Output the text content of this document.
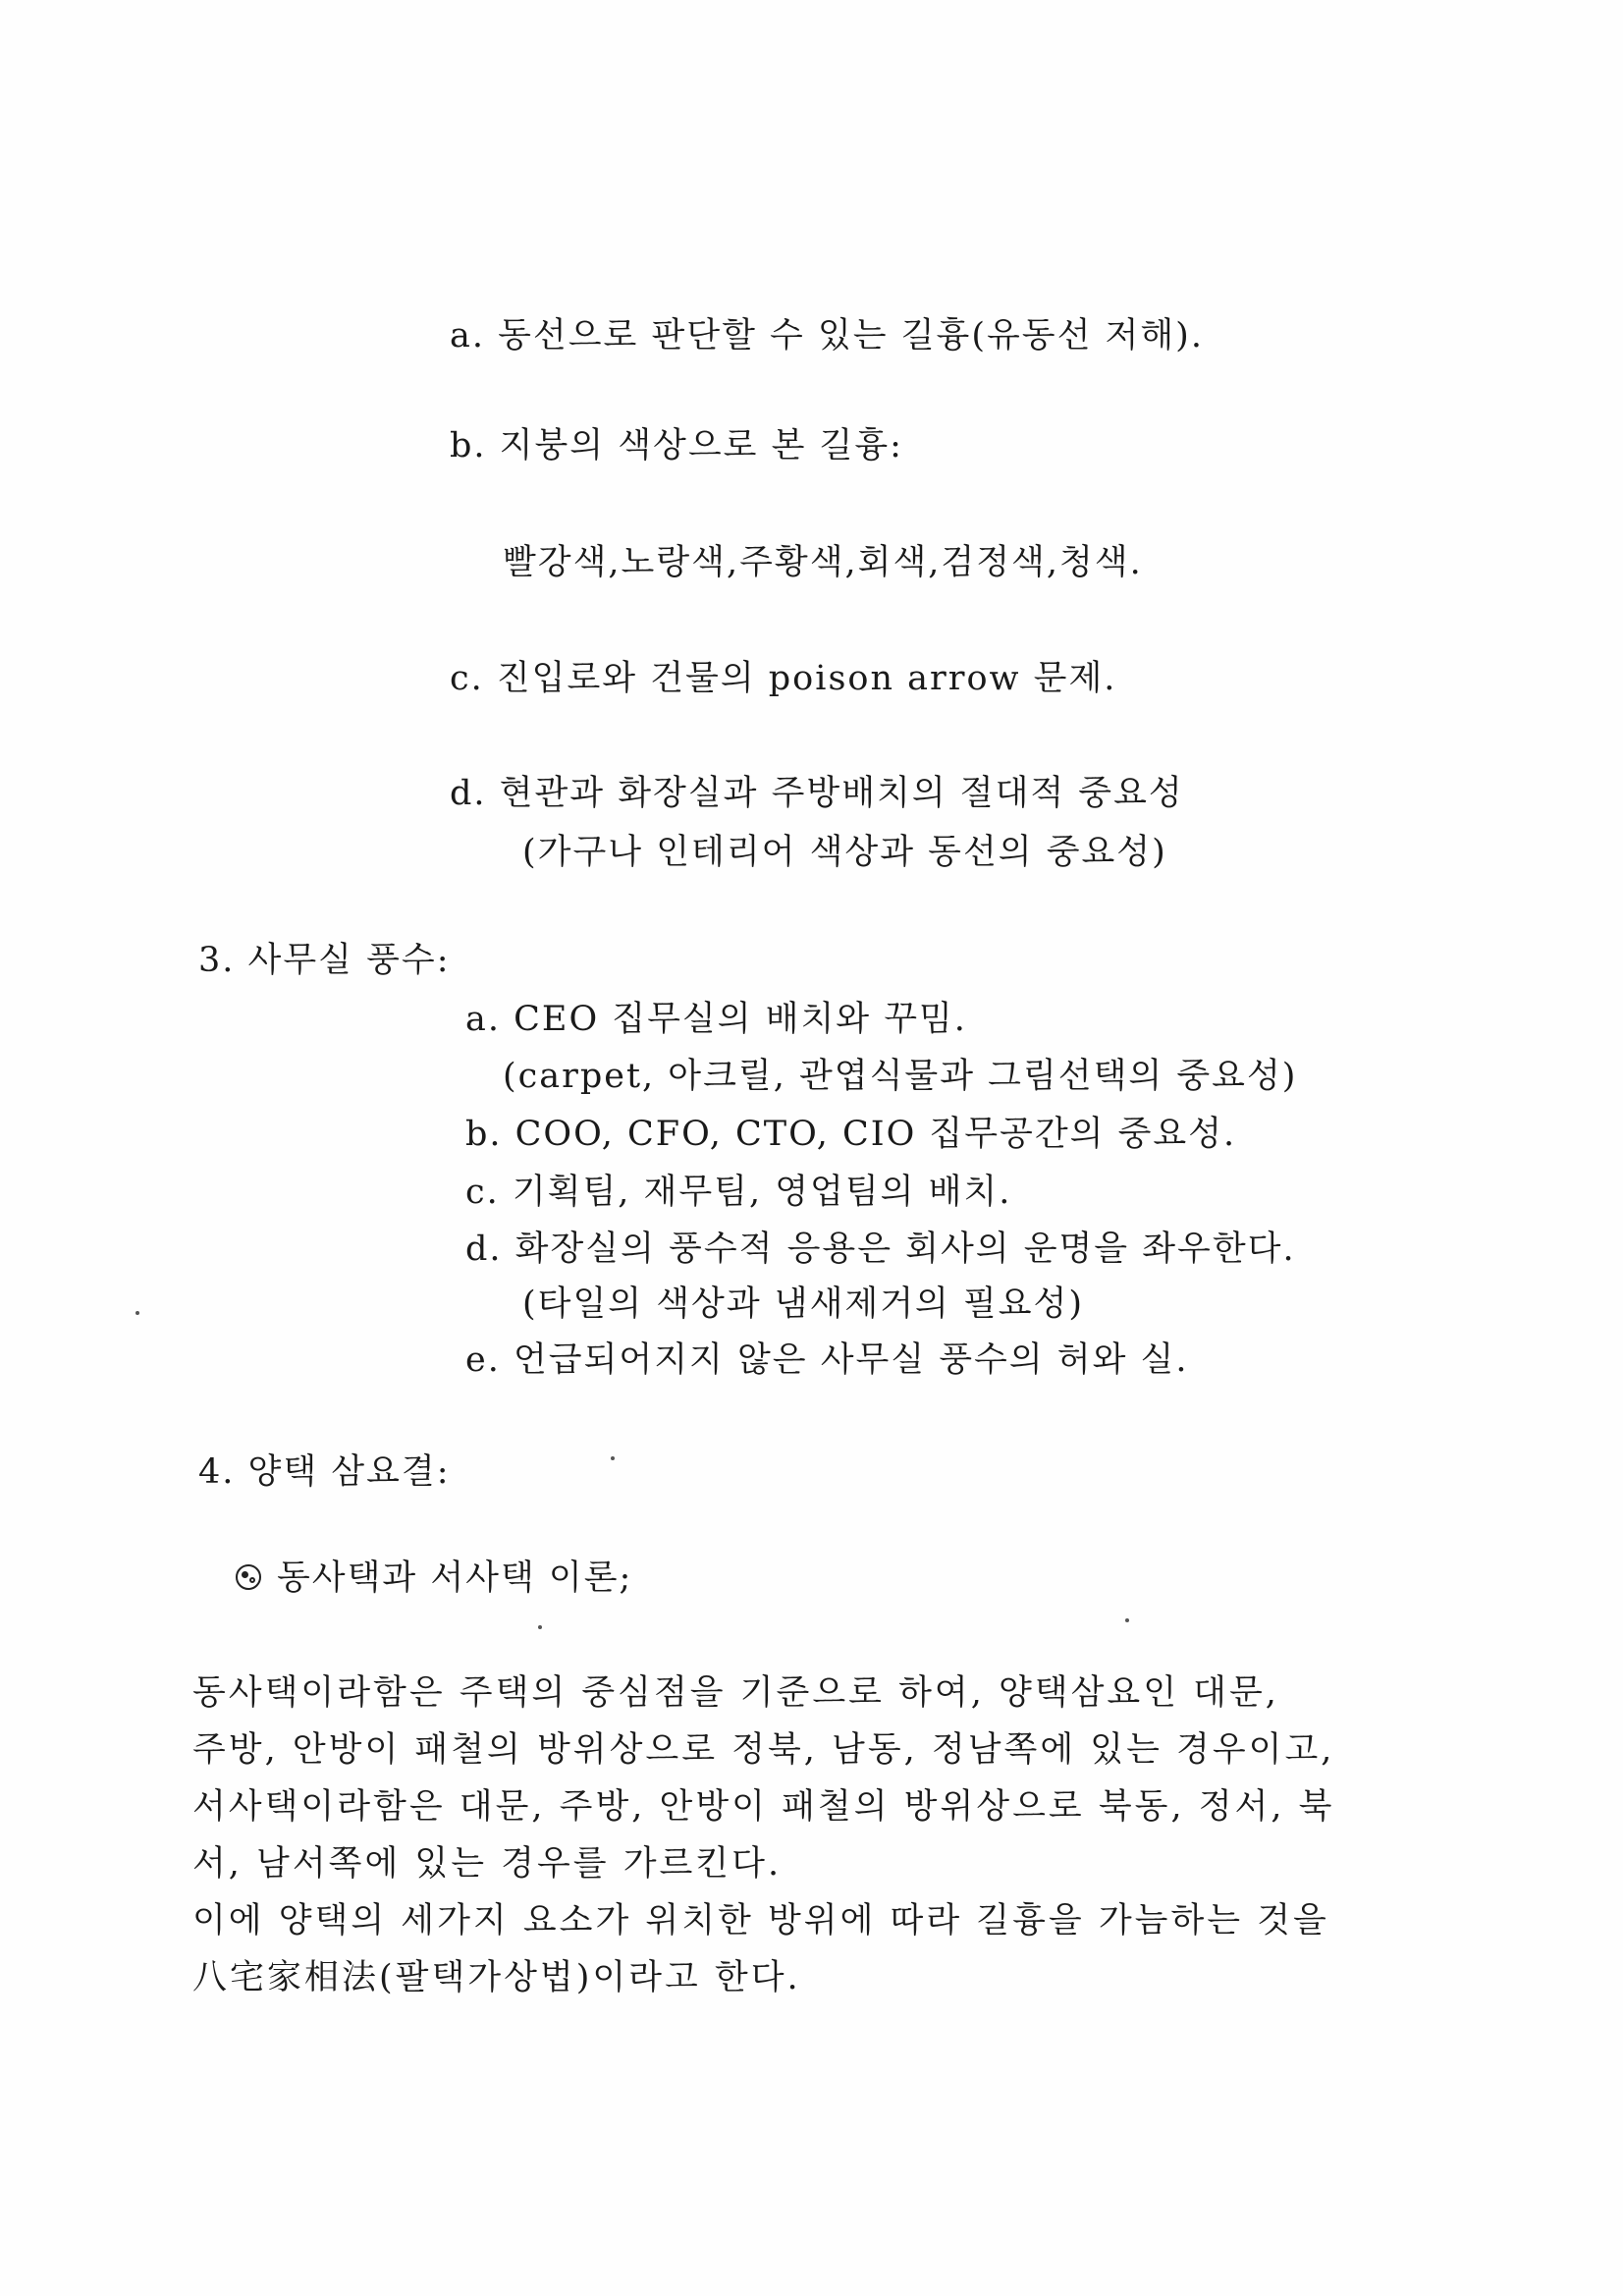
a. 동선으로 판단할 수 있는 길흉(유동선 저해).
b. 지붕의 색상으로 본 길흉:
빨강색,노랑색,주황색,회색,검정색,청색.
c. 진입로와 건물의 poison arrow 문제.
d. 현관과 화장실과 주방배치의 절대적 중요성
(가구나 인테리어 색상과 동선의 중요성)
3. 사무실 풍수:
a. CEO 집무실의 배치와 꾸밈.
(carpet, 아크릴, 관엽식물과 그림선택의 중요성)
b. COO, CFO, CTO, CIO 집무공간의 중요성.
c. 기획팀, 재무팀, 영업팀의 배치.
d. 화장실의 풍수적 응용은 회사의 운명을 좌우한다.
(타일의 색상과 냄새제거의 필요성)
e. 언급되어지지 않은 사무실 풍수의 허와 실.
4. 양택 삼요결:
동사택과 서사택 이론;

동사택이라함은 주택의 중심점을 기준으로 하여, 양택삼요인 대문,

주방, 안방이 패철의 방위상으로 정북, 남동, 정남쪽에 있는 경우이고,

서사택이라함은 대문, 주방, 안방이 패철의 방위상으로 북동, 정서, 북

서, 남서쪽에 있는 경우를 가르킨다.

이에 양택의 세가지 요소가 위치한 방위에 따라 길흉을 가늠하는 것을

八宅家相法(팔택가상법)이라고 한다.
